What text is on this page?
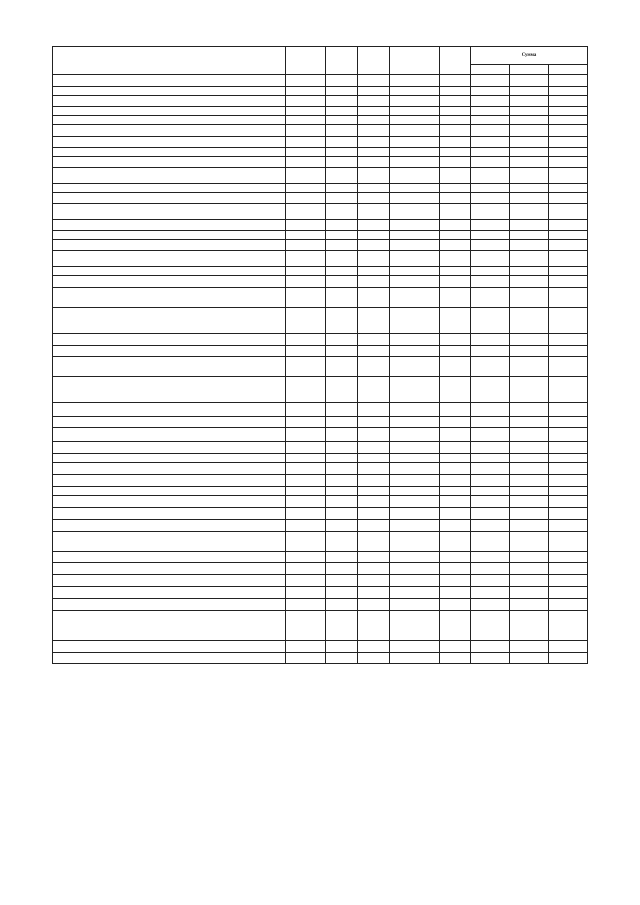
						Сумма		
